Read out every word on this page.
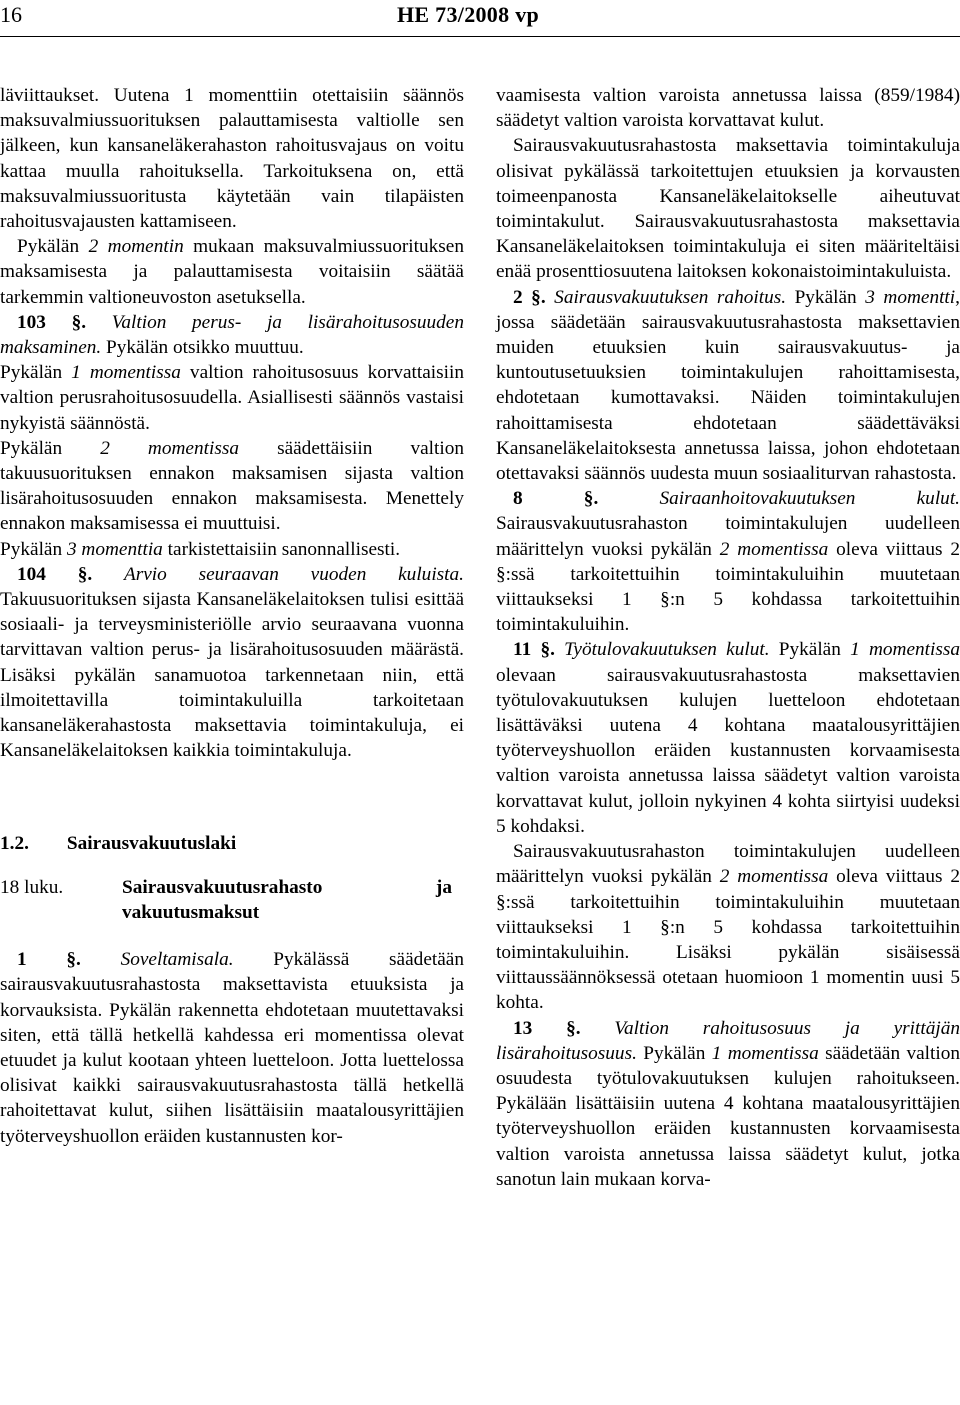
16	HE 73/2008 vp

läviittaukset. Uutena 1 momenttiin otettaisiin säännös maksuvalmiussuorituksen palauttamisesta valtiolle sen jälkeen, kun kansaneläkerahaston rahoitusvajaus on voitu kattaa muulla rahoituksella. Tarkoituksena on, että maksuvalmiussuoritusta käytetään vain tilapäisten rahoitusvajausten kattamiseen.

Pykälän 2 momentin mukaan maksuvalmiussuorituksen maksamisesta ja palauttamisesta voitaisiin säätää tarkemmin valtioneuvoston asetuksella.

103 §. Valtion perus- ja lisärahoitusosuuden maksaminen. Pykälän otsikko muuttuu.

Pykälän 1 momentissa valtion rahoitusosuus korvattaisiin valtion perusrahoitusosuudella. Asiallisesti säännös vastaisi nykyistä säännöstä.

Pykälän 2 momentissa säädettäisiin valtion takuusuorituksen ennakon maksamisen sijasta valtion lisärahoitusosuuden ennakon maksamisesta. Menettely ennakon maksamisessa ei muuttuisi.

Pykälän 3 momenttia tarkistettaisiin sanonnallisesti.

104 §. Arvio seuraavan vuoden kuluista. Takuusuorituksen sijasta Kansaneläkelaitoksen tulisi esittää sosiaali- ja terveysministeriölle arvio seuraavana vuonna tarvittavan valtion perus- ja lisärahoitusosuuden määrästä. Lisäksi pykälän sanamuotoa tarkennetaan niin, että ilmoitettavilla toimintakuluilla tarkoitetaan kansaneläkerahastosta maksettavia toimintakuluja, ei Kansaneläkelaitoksen kaikkia toimintakuluja.

1.2. Sairausvakuutuslaki

18 luku.	Sairausvakuutusrahasto ja vakuutusmaksut

1 §. Soveltamisala. Pykälässä säädetään sairausvakuutusrahastosta maksettavista etuuksista ja korvauksista. Pykälän rakennetta ehdotetaan muutettavaksi siten, että tällä hetkellä kahdessa eri momentissa olevat etuudet ja kulut kootaan yhteen luetteloon. Jotta luettelossa olisivat kaikki sairausvakuutusrahastosta tällä hetkellä rahoitettavat kulut, siihen lisättäisiin maatalousyrittäjien työterveyshuollon eräiden kustannusten kor-

vaamisesta valtion varoista annetussa laissa (859/1984) säädetyt valtion varoista korvattavat kulut.

Sairausvakuutusrahastosta maksettavia toimintakuluja olisivat pykälässä tarkoitettujen etuuksien ja korvausten toimeenpanosta Kansaneläkelaitokselle aiheutuvat toimintakulut. Sairausvakuutusrahastosta maksettavia Kansaneläkelaitoksen toimintakuluja ei siten määriteltäisi enää prosenttiosuutena laitoksen kokonaistoimintakuluista.

2 §. Sairausvakuutuksen rahoitus. Pykälän 3 momentti, jossa säädetään sairausvakuutusrahastosta maksettavien muiden etuuksien kuin sairausvakuutus- ja kuntoutusetuuksien toimintakulujen rahoittamisesta, ehdotetaan kumottavaksi. Näiden toimintakulujen rahoittamisesta ehdotetaan säädettäväksi Kansaneläkelaitoksesta annetussa laissa, johon ehdotetaan otettavaksi säännös uudesta muun sosiaaliturvan rahastosta.

8 §.	Sairaanhoitovakuutuksen kulut. Sairausvakuutusrahaston toimintakulujen uudelleen määrittelyn vuoksi pykälän 2 momentissa oleva viittaus 2 §:ssä tarkoitettuihin toimintakuluihin muutetaan viittaukseksi 1 §:n 5 kohdassa tarkoitettuihin toimintakuluihin.

11 §. Työtulovakuutuksen kulut. Pykälän 1 momentissa olevaan sairausvakuutusrahastosta maksettavien työtulovakuutuksen kulujen luetteloon ehdotetaan lisättäväksi uutena 4 kohtana maatalousyrittäjien työterveyshuollon eräiden kustannusten korvaamisesta valtion varoista annetussa laissa säädetyt valtion varoista korvattavat kulut, jolloin nykyinen 4 kohta siirtyisi uudeksi 5 kohdaksi.

Sairausvakuutusrahaston toimintakulujen uudelleen määrittelyn vuoksi pykälän 2 momentissa oleva viittaus 2 §:ssä tarkoitettuihin toimintakuluihin muutetaan viittaukseksi 1 §:n 5 kohdassa tarkoitettuihin toimintakuluihin. Lisäksi pykälän sisäisessä viittaussäännöksessä otetaan huomioon 1 momentin uusi 5 kohta.

13 §. Valtion rahoitusosuus ja yrittäjän lisärahoitusosuus. Pykälän 1 momentissa säädetään valtion osuudesta työtulovakuutuksen kulujen rahoitukseen. Pykälään lisättäisiin uutena 4 kohtana maatalousyrittäjien työterveyshuollon eräiden kustannusten korvaamisesta valtion varoista annetussa laissa säädetyt kulut, jotka sanotun lain mukaan korva-
